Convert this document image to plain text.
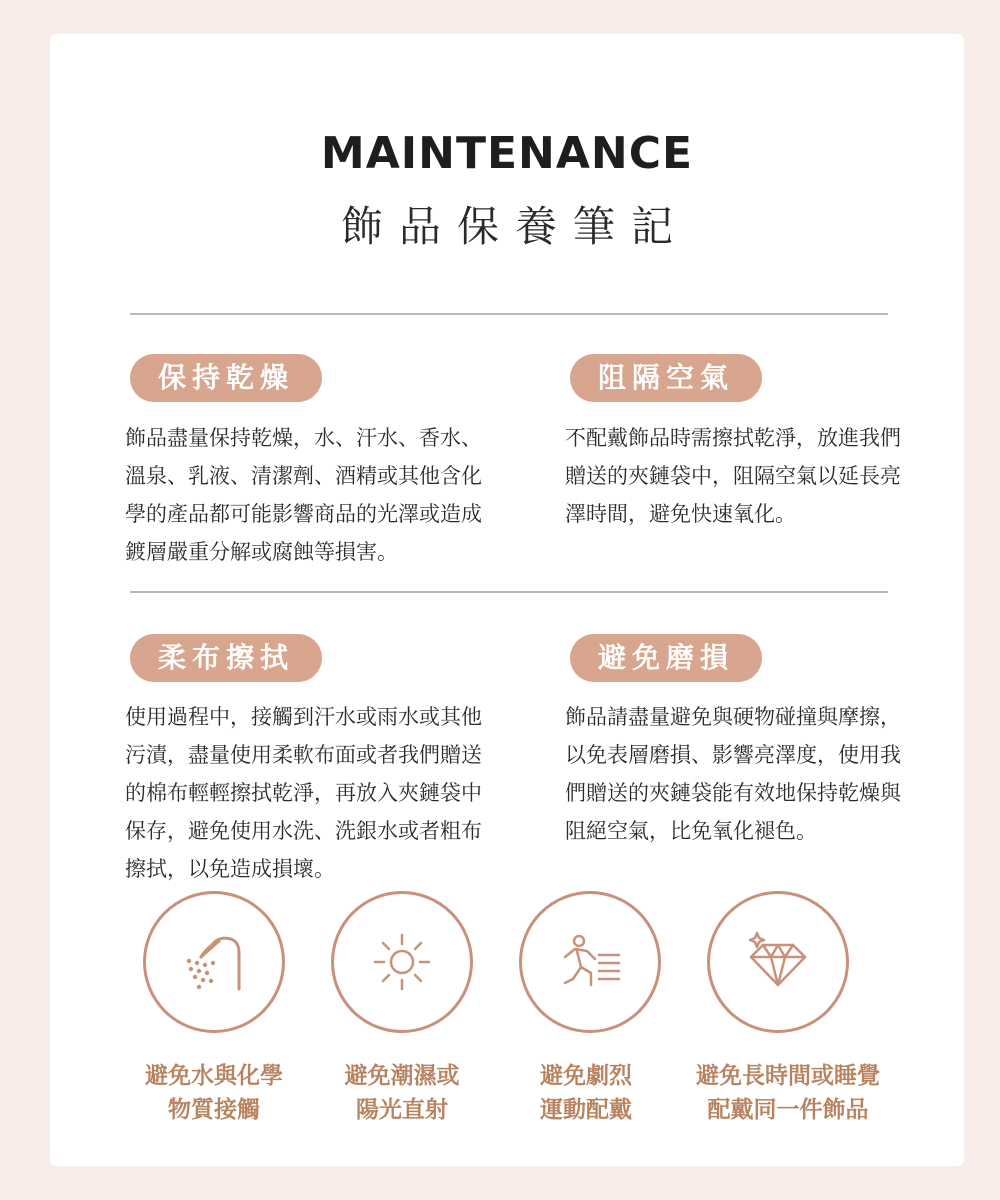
MAINTENANCE
飾品保養筆記
保持乾燥
飾品盡量保持乾燥，水、汗水、香水、
溫泉、乳液、清潔劑、酒精或其他含化
學的產品都可能影響商品的光澤或造成
鍍層嚴重分解或腐蝕等損害。
阻隔空氣
不配戴飾品時需擦拭乾淨，放進我們
贈送的夾鏈袋中，阻隔空氣以延長亮
澤時間，避免快速氧化。
柔布擦拭
使用過程中，接觸到汗水或雨水或其他
污漬，盡量使用柔軟布面或者我們贈送
的棉布輕輕擦拭乾淨，再放入夾鏈袋中
保存，避免使用水洗、洗銀水或者粗布
擦拭，以免造成損壞。
避免磨損
飾品請盡量避免與硬物碰撞與摩擦，
以免表層磨損、影響亮澤度，使用我
們贈送的夾鏈袋能有效地保持乾燥與
阻絕空氣，比免氧化褪色。
避免水與化學
物質接觸
避免潮濕或
陽光直射
避免劇烈
運動配戴
避免長時間或睡覺
配戴同一件飾品
